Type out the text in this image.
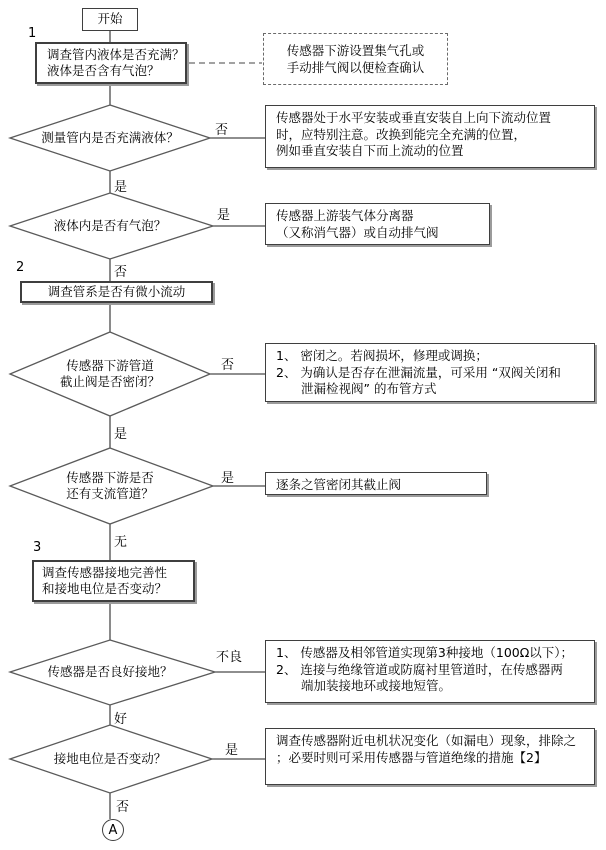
开始
1
2
3
调查管内液体是否充满？
液体是否含有气泡？
调查管系是否有微小流动
调查传感器接地完善性
和接地电位是否变动？
测量管内是否充满液体？
液体内是否有气泡？
传感器下游管道
截止阀是否密闭？
传感器下游是否
还有支流管道？
传感器是否良好接地？
接地电位是否变动？
否
是
是
否
否
是
是
无
不良
好
是
否
传感器下游设置集气孔或
手动排气阀以便检查确认
传感器处于水平安装或垂直安装自上向下流动位置
时，应特别注意。改换到能完全充满的位置，
例如垂直安装自下而上流动的位置
传感器上游装气体分离器
（又称消气器）或自动排气阀
1、 密闭之。若阀损坏，修理或调换；
2、 为确认是否存在泄漏流量，可采用 “双阀关闭和
　　泄漏检视阀” 的布管方式
逐条之管密闭其截止阀
1、 传感器及相邻管道实现第3种接地（100Ω以下）；
2、 连接与绝缘管道或防腐衬里管道时，在传感器两
　　端加装接地环或接地短管。
调查传感器附近电机状况变化（如漏电）现象，排除之
；必要时则可采用传感器与管道绝缘的措施【2】
A
